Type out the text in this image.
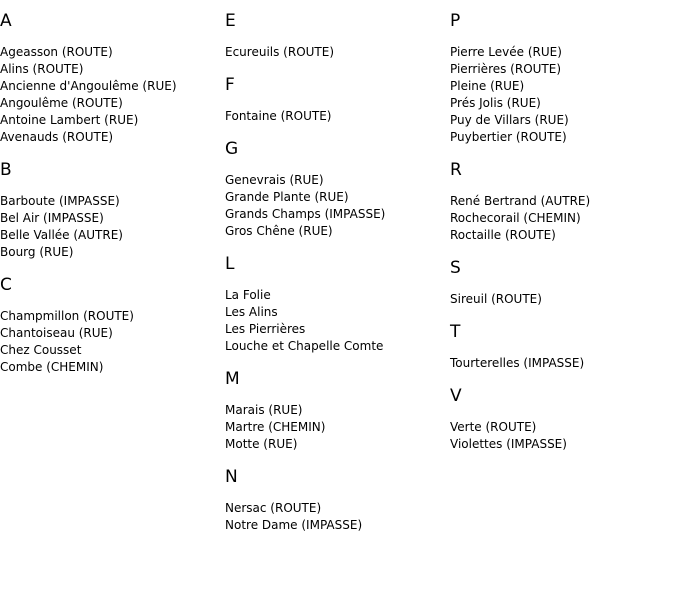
A
Ageasson (ROUTE)
Alins (ROUTE)
Ancienne d'Angoulême (RUE)
Angoulême (ROUTE)
Antoine Lambert (RUE)
Avenauds (ROUTE)
B
Barboute (IMPASSE)
Bel Air (IMPASSE)
Belle Vallée (AUTRE)
Bourg (RUE)
C
Champmillon (ROUTE)
Chantoiseau (RUE)
Chez Cousset
Combe (CHEMIN)
E
Ecureuils (ROUTE)
F
Fontaine (ROUTE)
G
Genevrais (RUE)
Grande Plante (RUE)
Grands Champs (IMPASSE)
Gros Chêne (RUE)
L
La Folie
Les Alins
Les Pierrières
Louche et Chapelle Comte
M
Marais (RUE)
Martre (CHEMIN)
Motte (RUE)
N
Nersac (ROUTE)
Notre Dame (IMPASSE)
P
Pierre Levée (RUE)
Pierrières (ROUTE)
Pleine (RUE)
Prés Jolis (RUE)
Puy de Villars (RUE)
Puybertier (ROUTE)
R
René Bertrand (AUTRE)
Rochecorail (CHEMIN)
Roctaille (ROUTE)
S
Sireuil (ROUTE)
T
Tourterelles (IMPASSE)
V
Verte (ROUTE)
Violettes (IMPASSE)
